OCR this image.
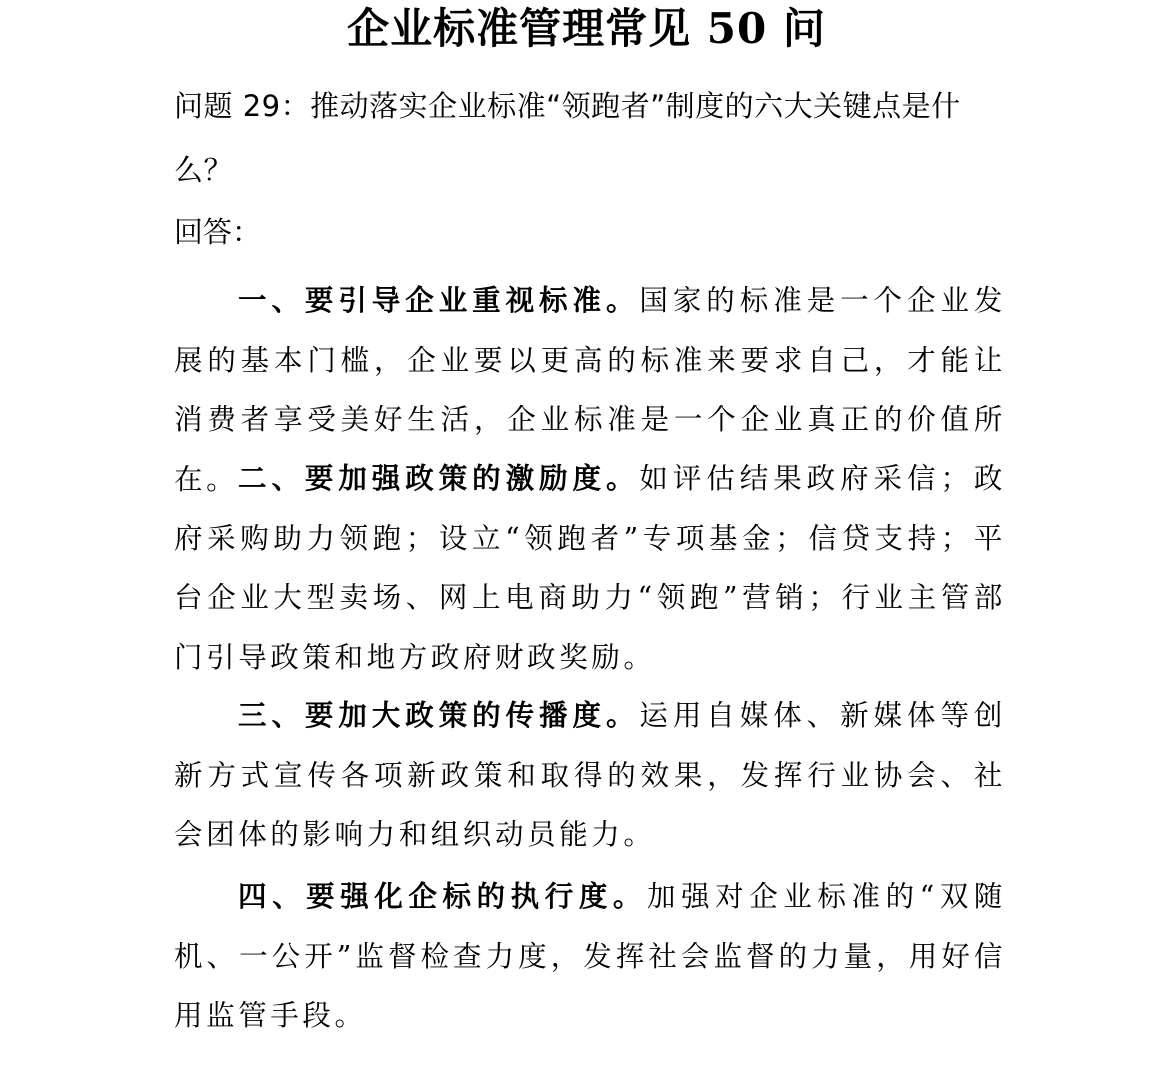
企业标准管理常见 50 问

问题 29：推动落实企业标准“领跑者”制度的六大关键点是什么？

回答：

一、要引导企业重视标准。国家的标准是一个企业发展的基本门槛，企业要以更高的标准来要求自己，才能让消费者享受美好生活，企业标准是一个企业真正的价值所在。 二、要加强政策的激励度。如评估结果政府采信；政府采购助力领跑；设立“领跑者”专项基金；信贷支持；平台企业大型卖场、网上电商助力“领跑”营销；行业主管部门引导政策和地方政府财政奖励。

三、要加大政策的传播度。运用自媒体、新媒体等创新方式宣传各项新政策和取得的效果，发挥行业协会、社会团体的影响力和组织动员能力。

四、要强化企标的执行度。加强对企业标准的“双随机、一公开”监督检查力度，发挥社会监督的力量，用好信用监管手段。
